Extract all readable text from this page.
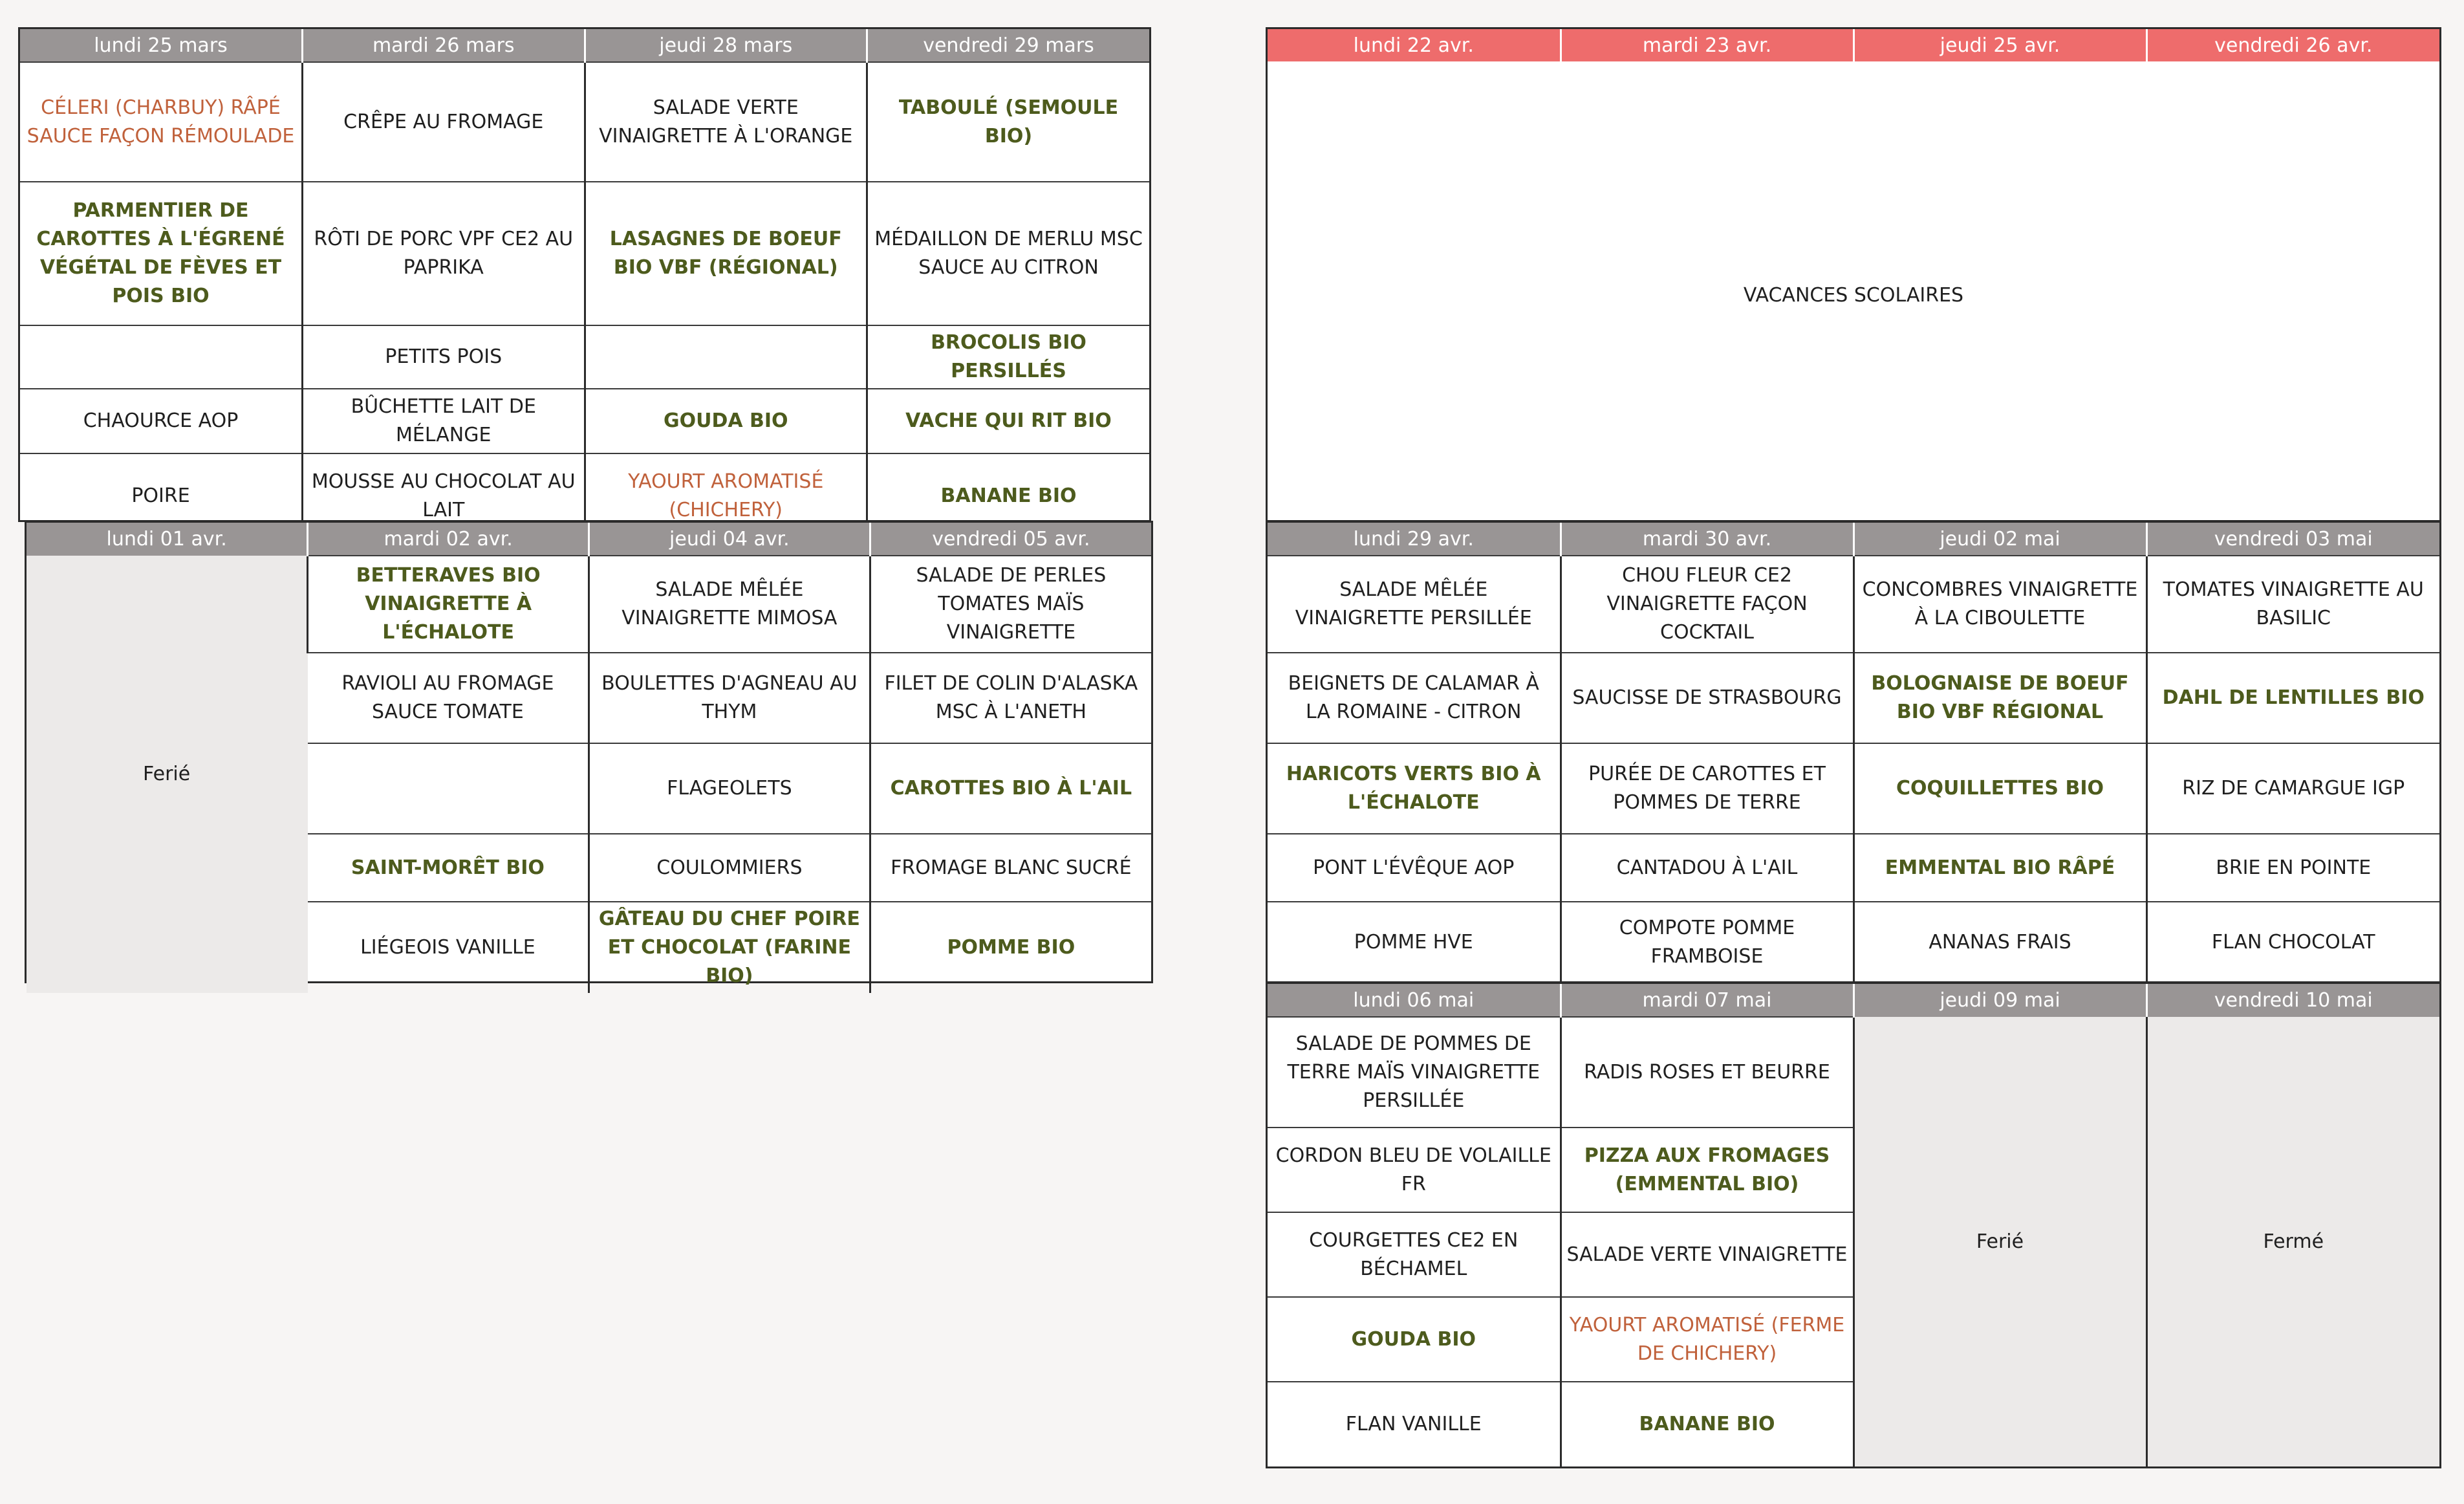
lundi 25 mars	mardi 26 mars	jeudi 28 mars	vendredi 29 mars
CÉLERI (CHARBUY) RÂPÉ SAUCE FAÇON RÉMOULADE	CRÊPE AU FROMAGE	SALADE VERTE VINAIGRETTE À L'ORANGE	TABOULÉ (SEMOULE BIO)
PARMENTIER DE CAROTTES À L'ÉGRENÉ VÉGÉTAL DE FÈVES ET POIS BIO	RÔTI DE PORC VPF CE2 AU PAPRIKA	LASAGNES DE BOEUF BIO VBF (RÉGIONAL)	MÉDAILLON DE MERLU MSC SAUCE AU CITRON
	PETITS POIS		BROCOLIS BIO PERSILLÉS
CHAOURCE AOP	BÛCHETTE LAIT DE MÉLANGE	GOUDA BIO	VACHE QUI RIT BIO
POIRE	MOUSSE AU CHOCOLAT AU LAIT	YAOURT AROMATISÉ (CHICHERY)	BANANE BIO
lundi 01 avr.	mardi 02 avr.	jeudi 04 avr.	vendredi 05 avr.
Ferié	BETTERAVES BIO VINAIGRETTE À L'ÉCHALOTE	SALADE MÊLÉE VINAIGRETTE MIMOSA	SALADE DE PERLES TOMATES MAÏS VINAIGRETTE
	RAVIOLI AU FROMAGE SAUCE TOMATE	BOULETTES D'AGNEAU AU THYM	FILET DE COLIN D'ALASKA MSC À L'ANETH
		FLAGEOLETS	CAROTTES BIO À L'AIL
	SAINT-MORÊT BIO	COULOMMIERS	FROMAGE BLANC SUCRÉ
	LIÉGEOIS VANILLE	GÂTEAU DU CHEF POIRE ET CHOCOLAT (FARINE BIO)	POMME BIO
lundi 22 avr.	mardi 23 avr.	jeudi 25 avr.	vendredi 26 avr.
VACANCES SCOLAIRES
lundi 29 avr.	mardi 30 avr.	jeudi 02 mai	vendredi 03 mai
SALADE MÊLÉE VINAIGRETTE PERSILLÉE	CHOU FLEUR CE2 VINAIGRETTE FAÇON COCKTAIL	CONCOMBRES VINAIGRETTE À LA CIBOULETTE	TOMATES VINAIGRETTE AU BASILIC
BEIGNETS DE CALAMAR À LA ROMAINE - CITRON	SAUCISSE DE STRASBOURG	BOLOGNAISE DE BOEUF BIO VBF RÉGIONAL	DAHL DE LENTILLES BIO
HARICOTS VERTS BIO À L'ÉCHALOTE	PURÉE DE CAROTTES ET POMMES DE TERRE	COQUILLETTES BIO	RIZ DE CAMARGUE IGP
PONT L'ÉVÊQUE AOP	CANTADOU À L'AIL	EMMENTAL BIO RÂPÉ	BRIE EN POINTE
POMME HVE	COMPOTE POMME FRAMBOISE	ANANAS FRAIS	FLAN CHOCOLAT
lundi 06 mai	mardi 07 mai	jeudi 09 mai	vendredi 10 mai
SALADE DE POMMES DE TERRE MAÏS VINAIGRETTE PERSILLÉE	RADIS ROSES ET BEURRE	Ferié	Fermé
CORDON BLEU DE VOLAILLE FR	PIZZA AUX FROMAGES (EMMENTAL BIO)		
COURGETTES CE2 EN BÉCHAMEL	SALADE VERTE VINAIGRETTE		
GOUDA BIO	YAOURT AROMATISÉ (FERME DE CHICHERY)		
FLAN VANILLE	BANANE BIO		
